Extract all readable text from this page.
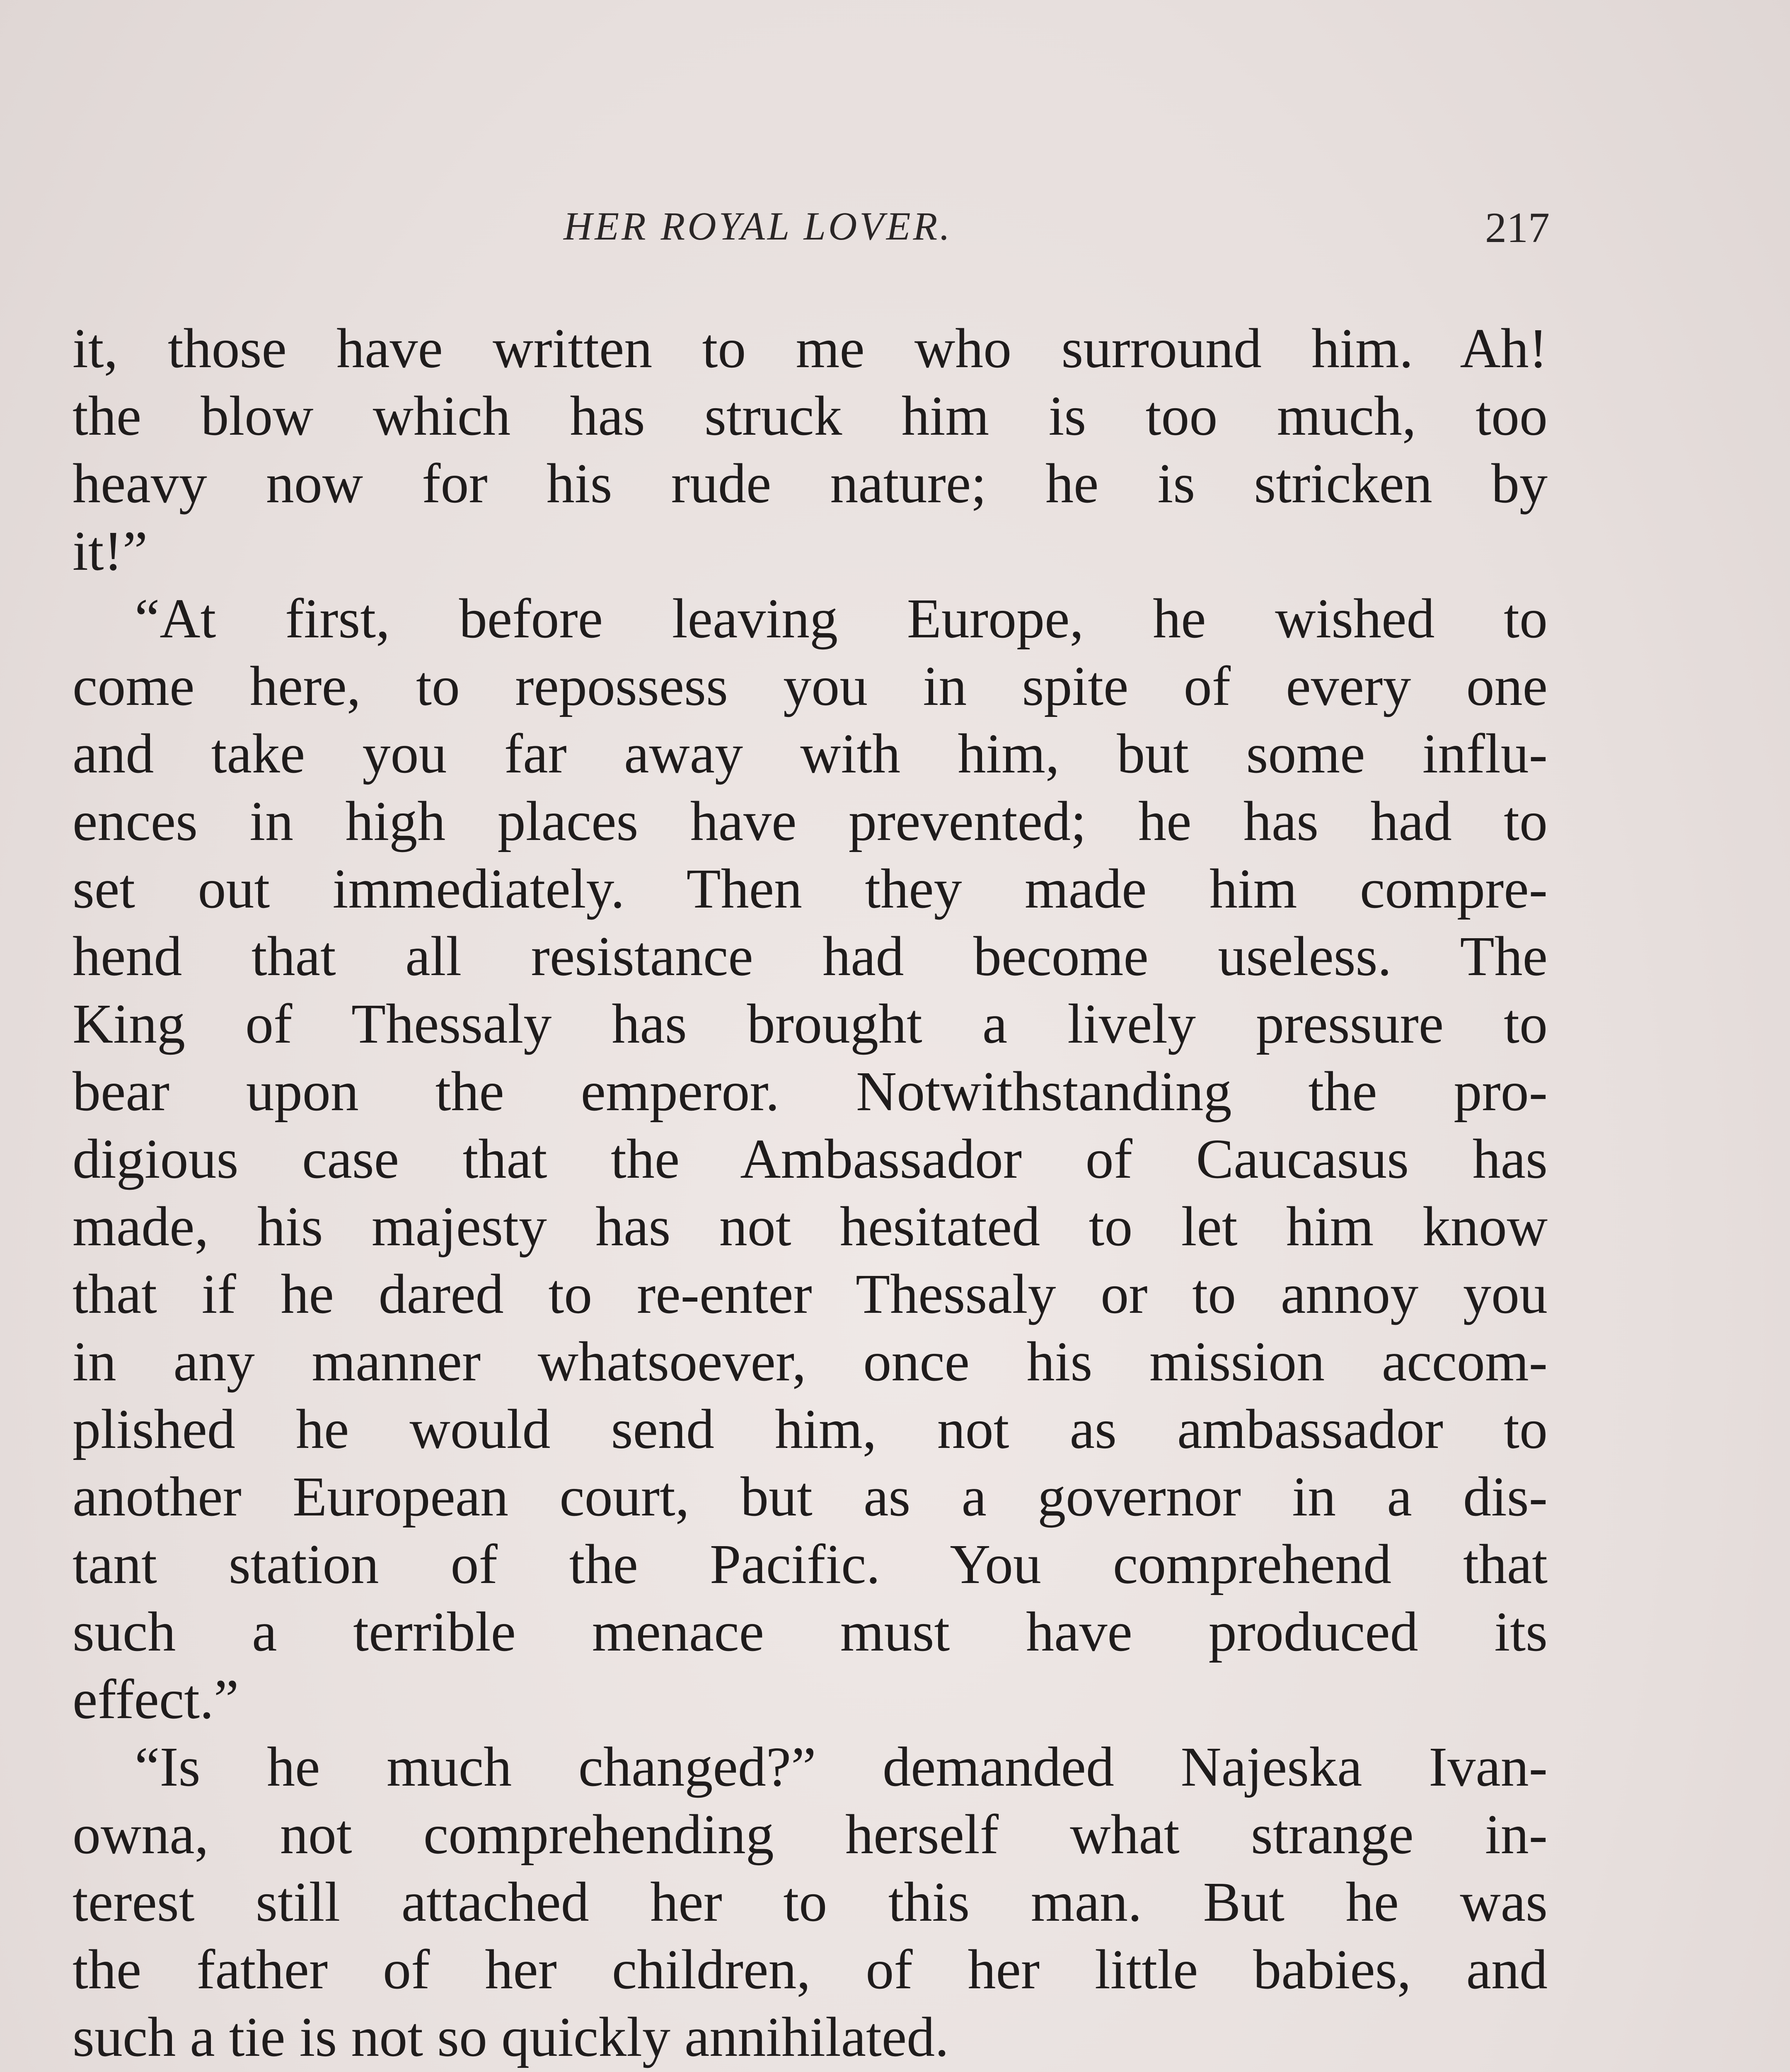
HER ROYAL LOVER.	217
it, those have written to me who surround him. Ah!
the blow which has struck him is too much, too
heavy now for his rude nature; he is stricken by
it!”
“At first, before leaving Europe, he wished to
come here, to repossess you in spite of every one
and take you far away with him, but some influ-
ences in high places have prevented; he has had to
set out immediately. Then they made him compre-
hend that all resistance had become useless. The
King of Thessaly has brought a lively pressure to
bear upon the emperor. Notwithstanding the pro-
digious case that the Ambassador of Caucasus has
made, his majesty has not hesitated to let him know
that if he dared to re-enter Thessaly or to annoy you
in any manner whatsoever, once his mission accom-
plished he would send him, not as ambassador to
another European court, but as a governor in a dis-
tant station of the Pacific. You comprehend that
such a terrible menace must have produced its
effect.”
“Is he much changed?” demanded Najeska Ivan-
owna, not comprehending herself what strange in-
terest still attached her to this man. But he was
the father of her children, of her little babies, and
such a tie is not so quickly annihilated.
